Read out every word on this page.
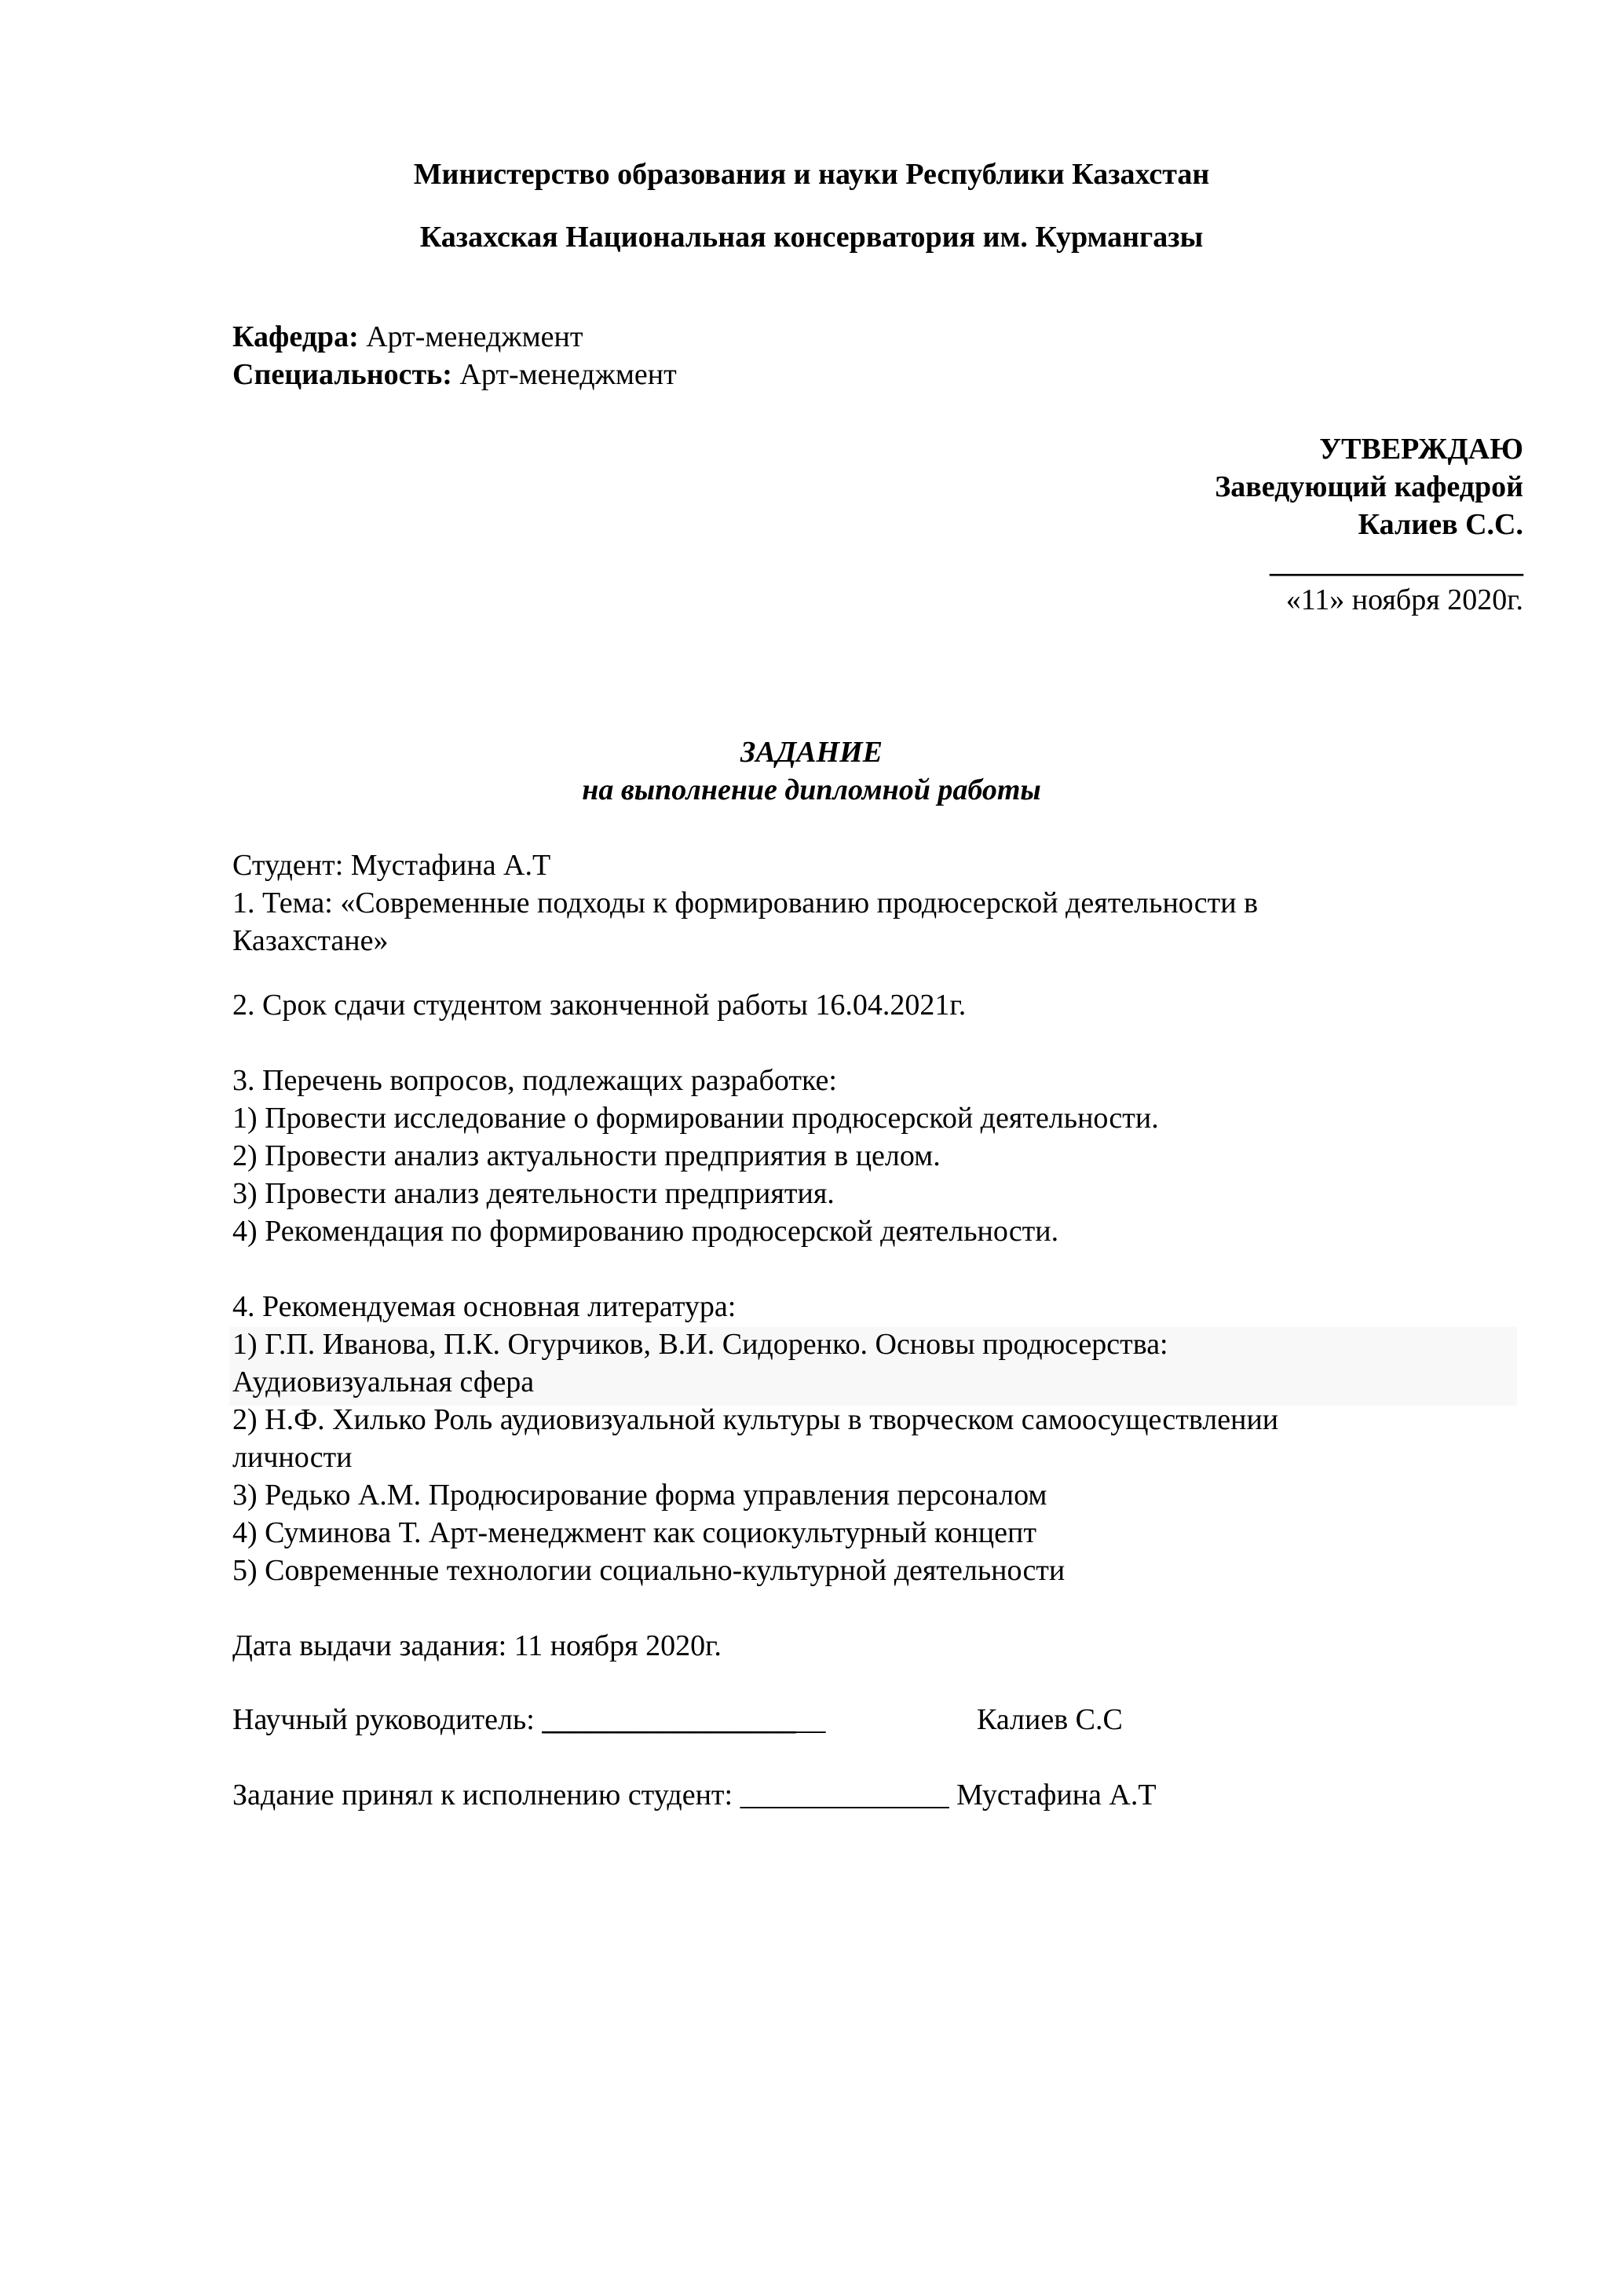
Министерство образования и науки Республики Казахстан
Казахская Национальная консерватория им. Курмангазы
Кафедра: Арт-менеджмент
Специальность: Арт-менеджмент
УТВЕРЖДАЮ
Заведующий кафедрой
Калиев С.С.
_________________
«11» ноября 2020г.
ЗАДАНИЕ
на выполнение дипломной работы
Студент: Мустафина А.Т
1. Тема: «Современные подходы к формированию продюсерской деятельности в
Казахстане»
2. Срок сдачи студентом законченной работы 16.04.2021г.
3. Перечень вопросов, подлежащих разработке:
1) Провести исследование о формировании продюсерской деятельности.
2) Провести анализ актуальности предприятия в целом.
3) Провести анализ деятельности предприятия.
4) Рекомендация по формированию продюсерской деятельности.
4. Рекомендуемая основная литература:
1) Г.П. Иванова, П.К. Огурчиков, В.И. Сидоренко. Основы продюсерства:
Аудиовизуальная сфера
2) Н.Ф. Хилько Роль аудиовизуальной культуры в творческом самоосуществлении
личности
3) Редько А.М. Продюсирование форма управления персоналом
4) Суминова Т. Арт-менеджмент как социокультурный концепт
5) Современные технологии социально-культурной деятельности
Дата выдачи задания: 11 ноября 2020г.
Научный руководитель: ___________________	Калиев С.С
Задание принял к исполнению студент: ______________ Мустафина А.Т
